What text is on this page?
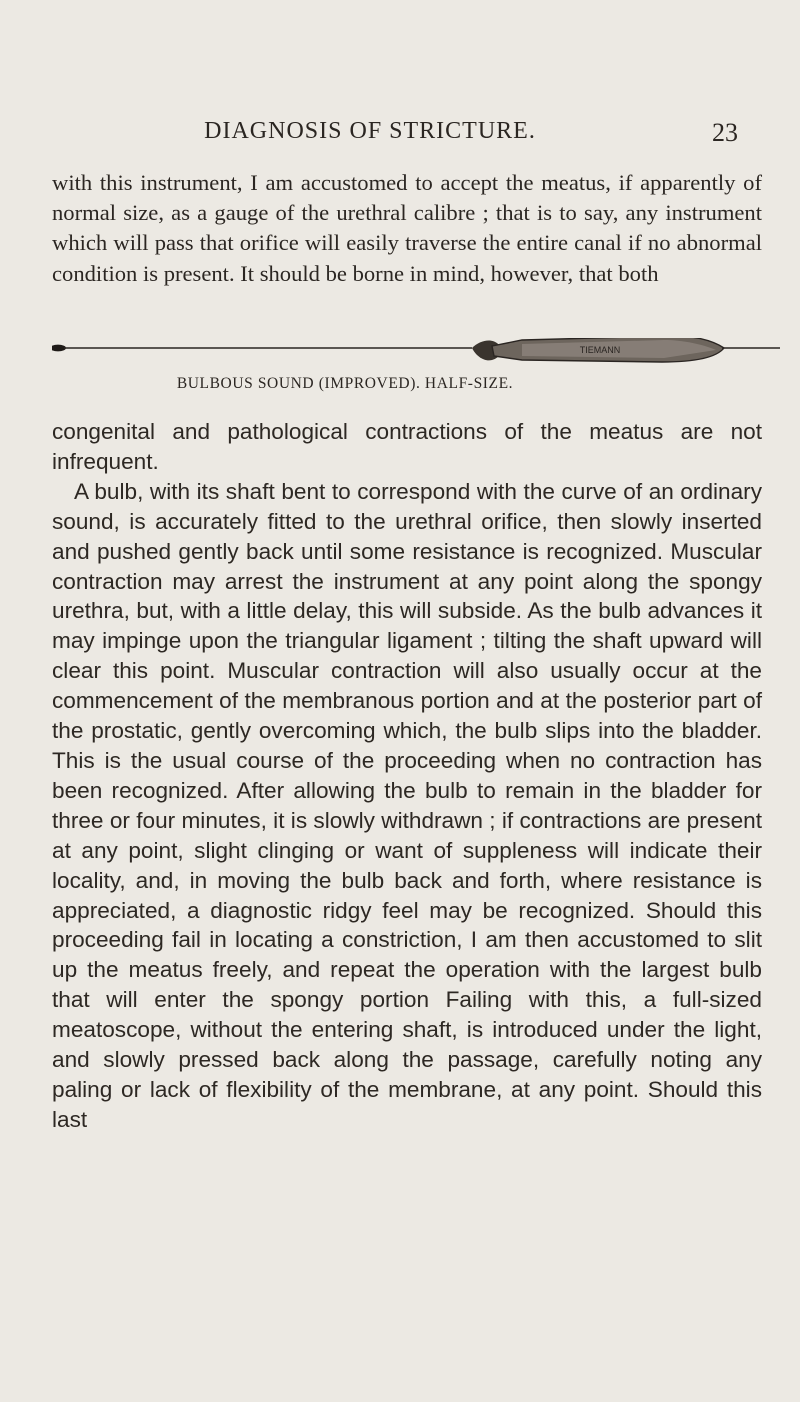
DIAGNOSIS OF STRICTURE.	23

with this instrument, I am accustomed to accept the meatus, if apparently of normal size, as a gauge of the urethral calibre ; that is to say, any instrument which will pass that orifice will easily traverse the entire canal if no abnormal condition is present. It should be borne in mind, however, that both

TIEMANN

BULBOUS SOUND (IMPROVED). HALF-SIZE.

congenital and pathological contractions of the meatus are not infrequent.

A bulb, with its shaft bent to correspond with the curve of an ordinary sound, is accurately fitted to the urethral orifice, then slowly inserted and pushed gently back until some resistance is recognized. Muscular contraction may arrest the instrument at any point along the spongy urethra, but, with a little delay, this will subside. As the bulb advances it may impinge upon the triangular ligament ; tilting the shaft upward will clear this point. Muscular contraction will also usually occur at the commencement of the membranous portion and at the posterior part of the prostatic, gently overcoming which, the bulb slips into the bladder. This is the usual course of the proceeding when no contraction has been recognized. After allowing the bulb to remain in the bladder for three or four minutes, it is slowly withdrawn ; if contractions are present at any point, slight clinging or want of suppleness will indicate their locality, and, in moving the bulb back and forth, where resistance is appreciated, a diagnostic ridgy feel may be recognized. Should this proceeding fail in locating a constriction, I am then accustomed to slit up the meatus freely, and repeat the operation with the largest bulb that will enter the spongy portion Failing with this, a full-sized meatoscope, without the entering shaft, is introduced under the light, and slowly pressed back along the passage, carefully noting any paling or lack of flexibility of the membrane, at any point. Should this last
